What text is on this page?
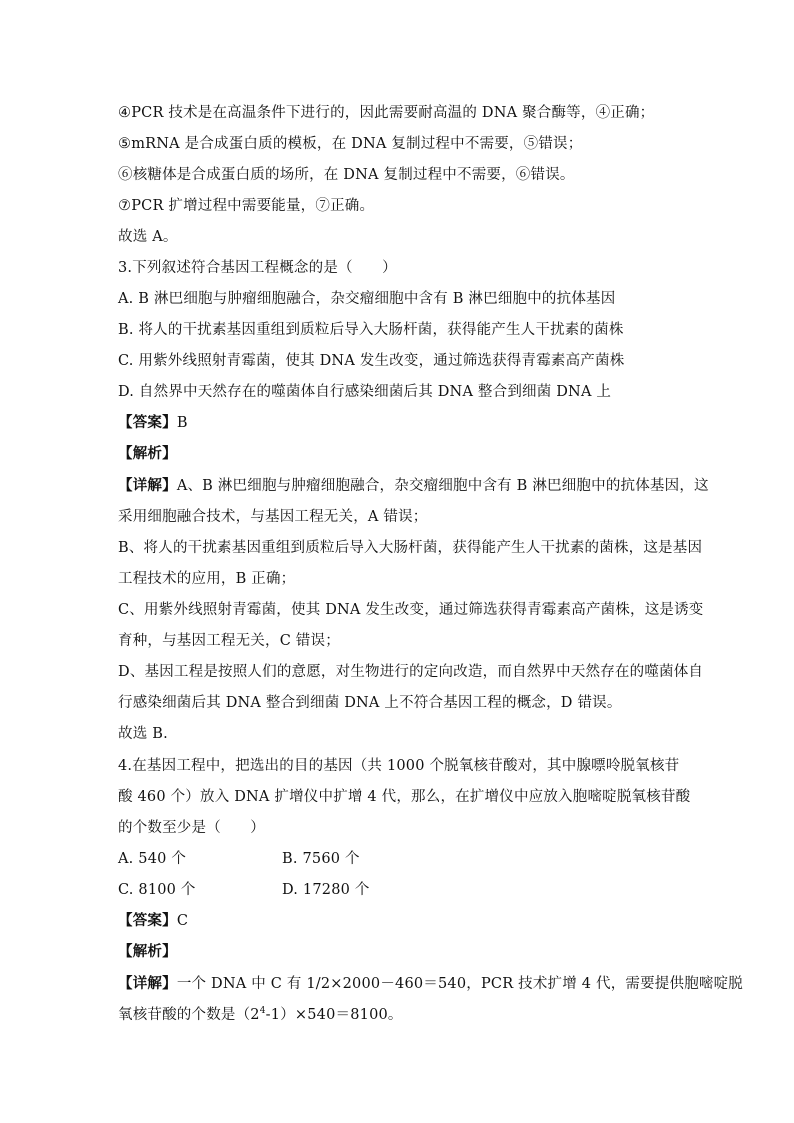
④PCR 技术是在高温条件下进行的，因此需要耐高温的 DNA 聚合酶等，④正确；
⑤mRNA 是合成蛋白质的模板，在 DNA 复制过程中不需要，⑤错误；
⑥核糖体是合成蛋白质的场所，在 DNA 复制过程中不需要，⑥错误。
⑦PCR 扩增过程中需要能量，⑦正确。
故选 A。
3.下列叙述符合基因工程概念的是（　　）
A. B 淋巴细胞与肿瘤细胞融合，杂交瘤细胞中含有 B 淋巴细胞中的抗体基因
B. 将人的干扰素基因重组到质粒后导入大肠杆菌，获得能产生人干扰素的菌株
C. 用紫外线照射青霉菌，使其 DNA 发生改变，通过筛选获得青霉素高产菌株
D. 自然界中天然存在的噬菌体自行感染细菌后其 DNA 整合到细菌 DNA 上
【答案】B
【解析】
【详解】A、B 淋巴细胞与肿瘤细胞融合，杂交瘤细胞中含有 B 淋巴细胞中的抗体基因，这
采用细胞融合技术，与基因工程无关，A 错误；
B、将人的干扰素基因重组到质粒后导入大肠杆菌，获得能产生人干扰素的菌株，这是基因
工程技术的应用，B 正确；
C、用紫外线照射青霉菌，使其 DNA 发生改变，通过筛选获得青霉素高产菌株，这是诱变
育种，与基因工程无关，C 错误；
D、基因工程是按照人们的意愿，对生物进行的定向改造，而自然界中天然存在的噬菌体自
行感染细菌后其 DNA 整合到细菌 DNA 上不符合基因工程的概念，D 错误。
故选 B.
4.在基因工程中，把选出的目的基因（共 1000 个脱氧核苷酸对，其中腺嘌呤脱氧核苷
酸 460 个）放入 DNA 扩增仪中扩增 4 代，那么，在扩增仪中应放入胞嘧啶脱氧核苷酸
的个数至少是（　　）
A. 540 个	B. 7560 个
C. 8100 个	D. 17280 个
【答案】C
【解析】
【详解】一个 DNA 中 C 有 1/2×2000－460＝540，PCR 技术扩增 4 代，需要提供胞嘧啶脱
氧核苷酸的个数是$(2^4-1)\times 540=8100$。
